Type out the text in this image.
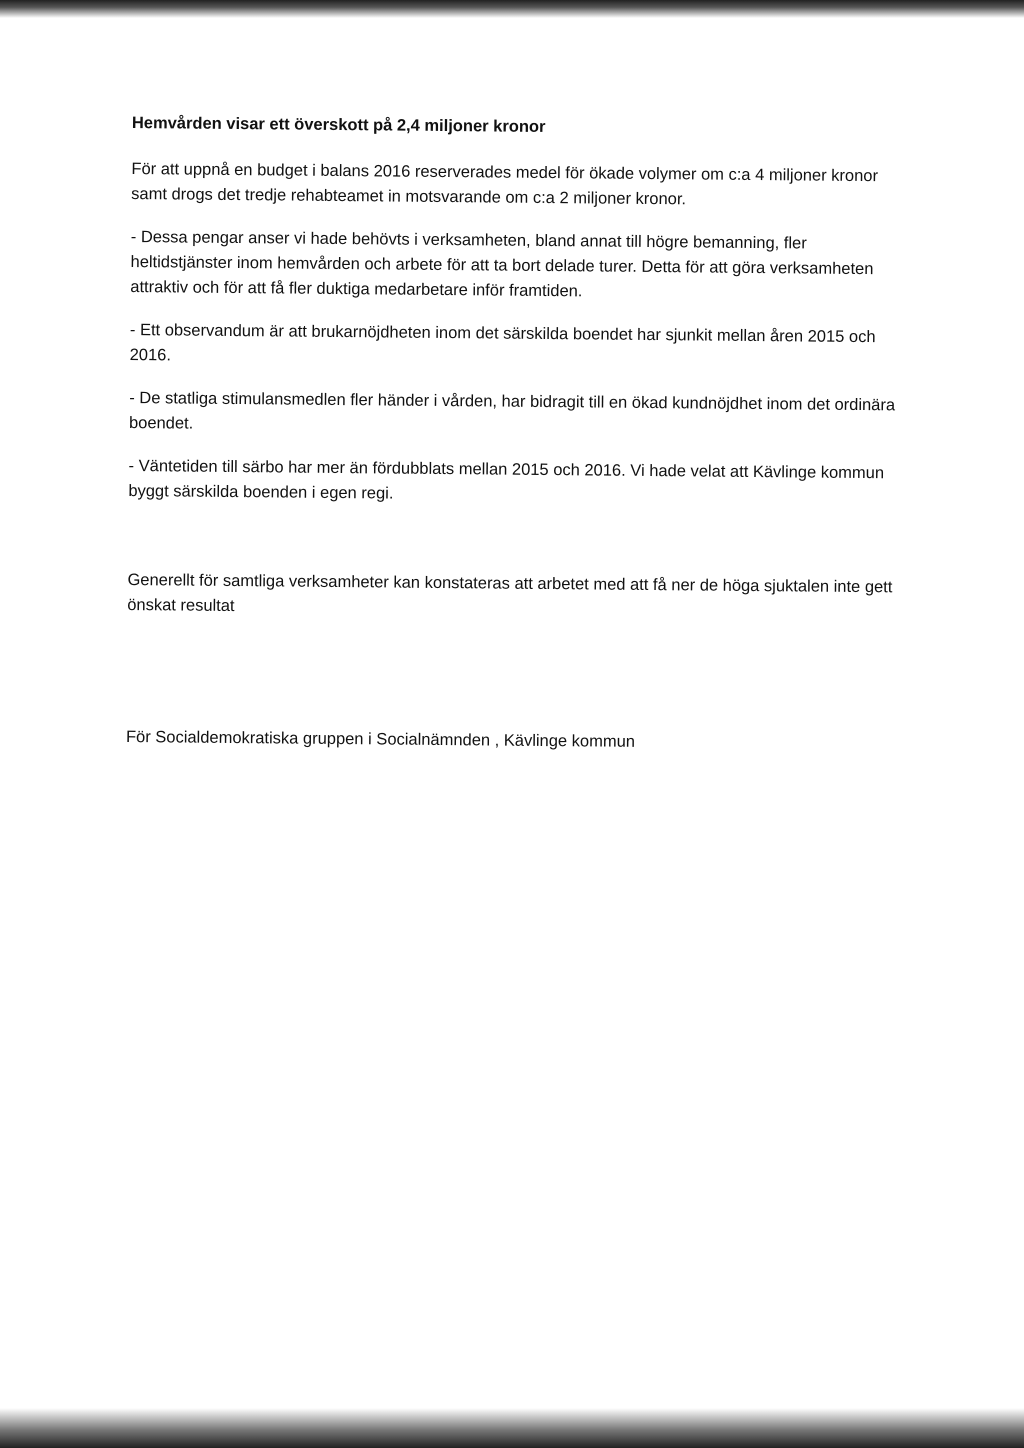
Hemvården visar ett överskott på 2,4 miljoner kronor

För att uppnå en budget i balans 2016 reserverades medel för ökade volymer om c:a 4 miljoner kronor samt drogs det tredje rehabteamet in motsvarande om c:a 2 miljoner kronor.

- Dessa pengar anser vi hade behövts i verksamheten, bland annat till högre bemanning, fler heltidstjänster inom hemvården och arbete för att ta bort delade turer. Detta för att göra verksamheten attraktiv och för att få fler duktiga medarbetare inför framtiden.

- Ett observandum är att brukarnöjdheten inom det särskilda boendet har sjunkit mellan åren 2015 och 2016.

- De statliga stimulansmedlen fler händer i vården, har bidragit till en ökad kundnöjdhet inom det ordinära boendet.

- Väntetiden till särbo har mer än fördubblats mellan 2015 och 2016. Vi hade velat att Kävlinge kommun byggt särskilda boenden i egen regi.

Generellt för samtliga verksamheter kan konstateras att arbetet med att få ner de höga sjuktalen inte gett önskat resultat

För Socialdemokratiska gruppen i Socialnämnden , Kävlinge kommun
